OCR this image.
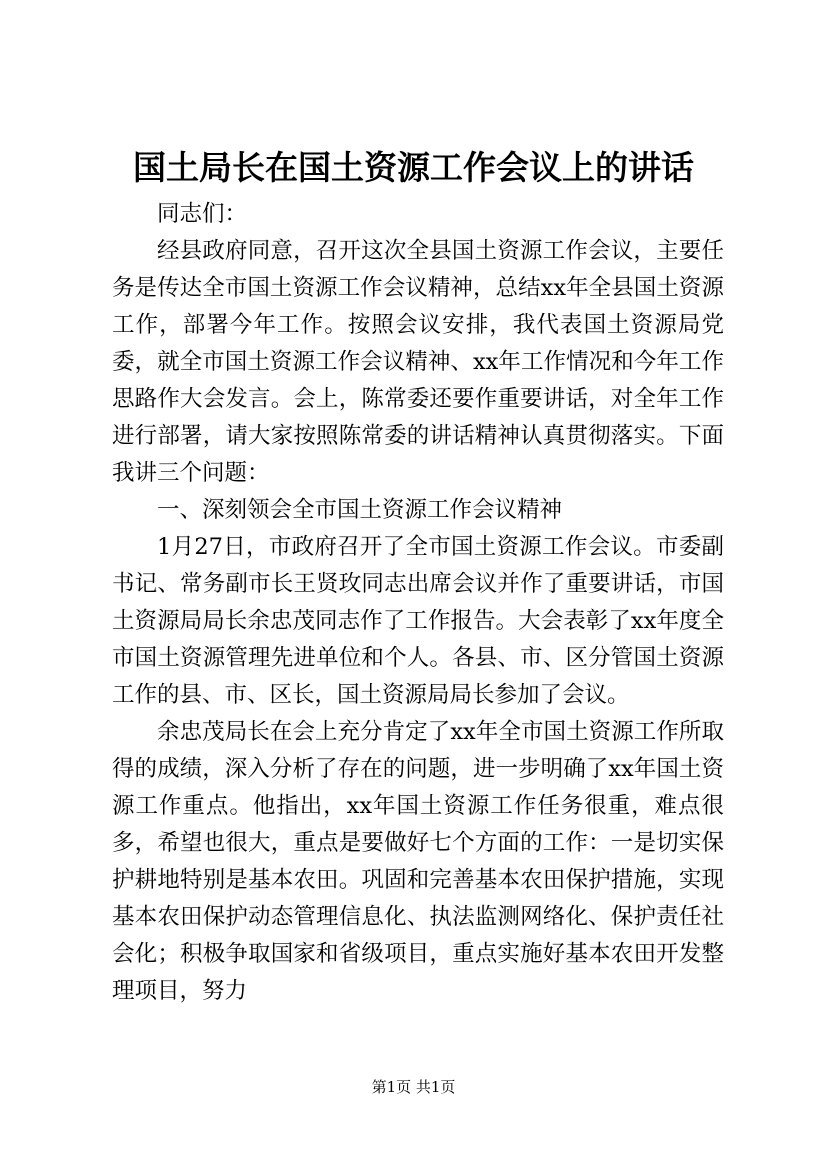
国土局长在国土资源工作会议上的讲话

同志们：

经县政府同意，召开这次全县国土资源工作会议，主要任务是传达全市国土资源工作会议精神，总结xx年全县国土资源工作，部署今年工作。按照会议安排，我代表国土资源局党委，就全市国土资源工作会议精神、xx年工作情况和今年工作思路作大会发言。会上，陈常委还要作重要讲话，对全年工作进行部署，请大家按照陈常委的讲话精神认真贯彻落实。下面我讲三个问题：

一、深刻领会全市国土资源工作会议精神

1月27日，市政府召开了全市国土资源工作会议。市委副书记、常务副市长王贤玫同志出席会议并作了重要讲话，市国土资源局局长余忠茂同志作了工作报告。大会表彰了xx年度全市国土资源管理先进单位和个人。各县、市、区分管国土资源工作的县、市、区长，国土资源局局长参加了会议。

余忠茂局长在会上充分肯定了xx年全市国土资源工作所取得的成绩，深入分析了存在的问题，进一步明确了xx年国土资源工作重点。他指出，xx年国土资源工作任务很重，难点很多，希望也很大，重点是要做好七个方面的工作：一是切实保护耕地特别是基本农田。巩固和完善基本农田保护措施，实现基本农田保护动态管理信息化、执法监测网络化、保护责任社会化；积极争取国家和省级项目，重点实施好基本农田开发整理项目，努力

第1页 共1页
